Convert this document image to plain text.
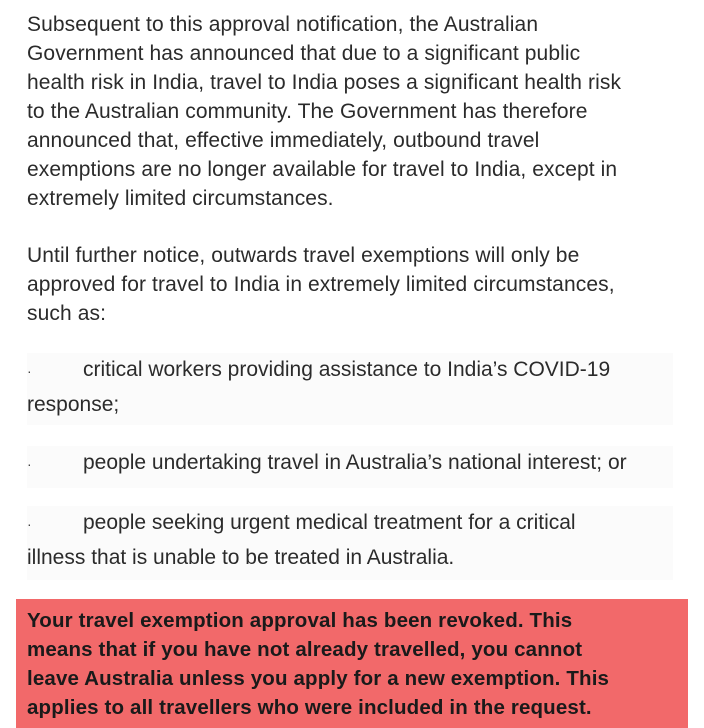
Subsequent to this approval notification, the Australian
Government has announced that due to a significant public
health risk in India, travel to India poses a significant health risk
to the Australian community. The Government has therefore
announced that, effective immediately, outbound travel
exemptions are no longer available for travel to India, except in
extremely limited circumstances.
Until further notice, outwards travel exemptions will only be
approved for travel to India in extremely limited circumstances,
such as:
·	critical workers providing assistance to India’s COVID-19
response;
·	people undertaking travel in Australia’s national interest; or
·	people seeking urgent medical treatment for a critical
illness that is unable to be treated in Australia.
Your travel exemption approval has been revoked. This
means that if you have not already travelled, you cannot
leave Australia unless you apply for a new exemption. This
applies to all travellers who were included in the request.
